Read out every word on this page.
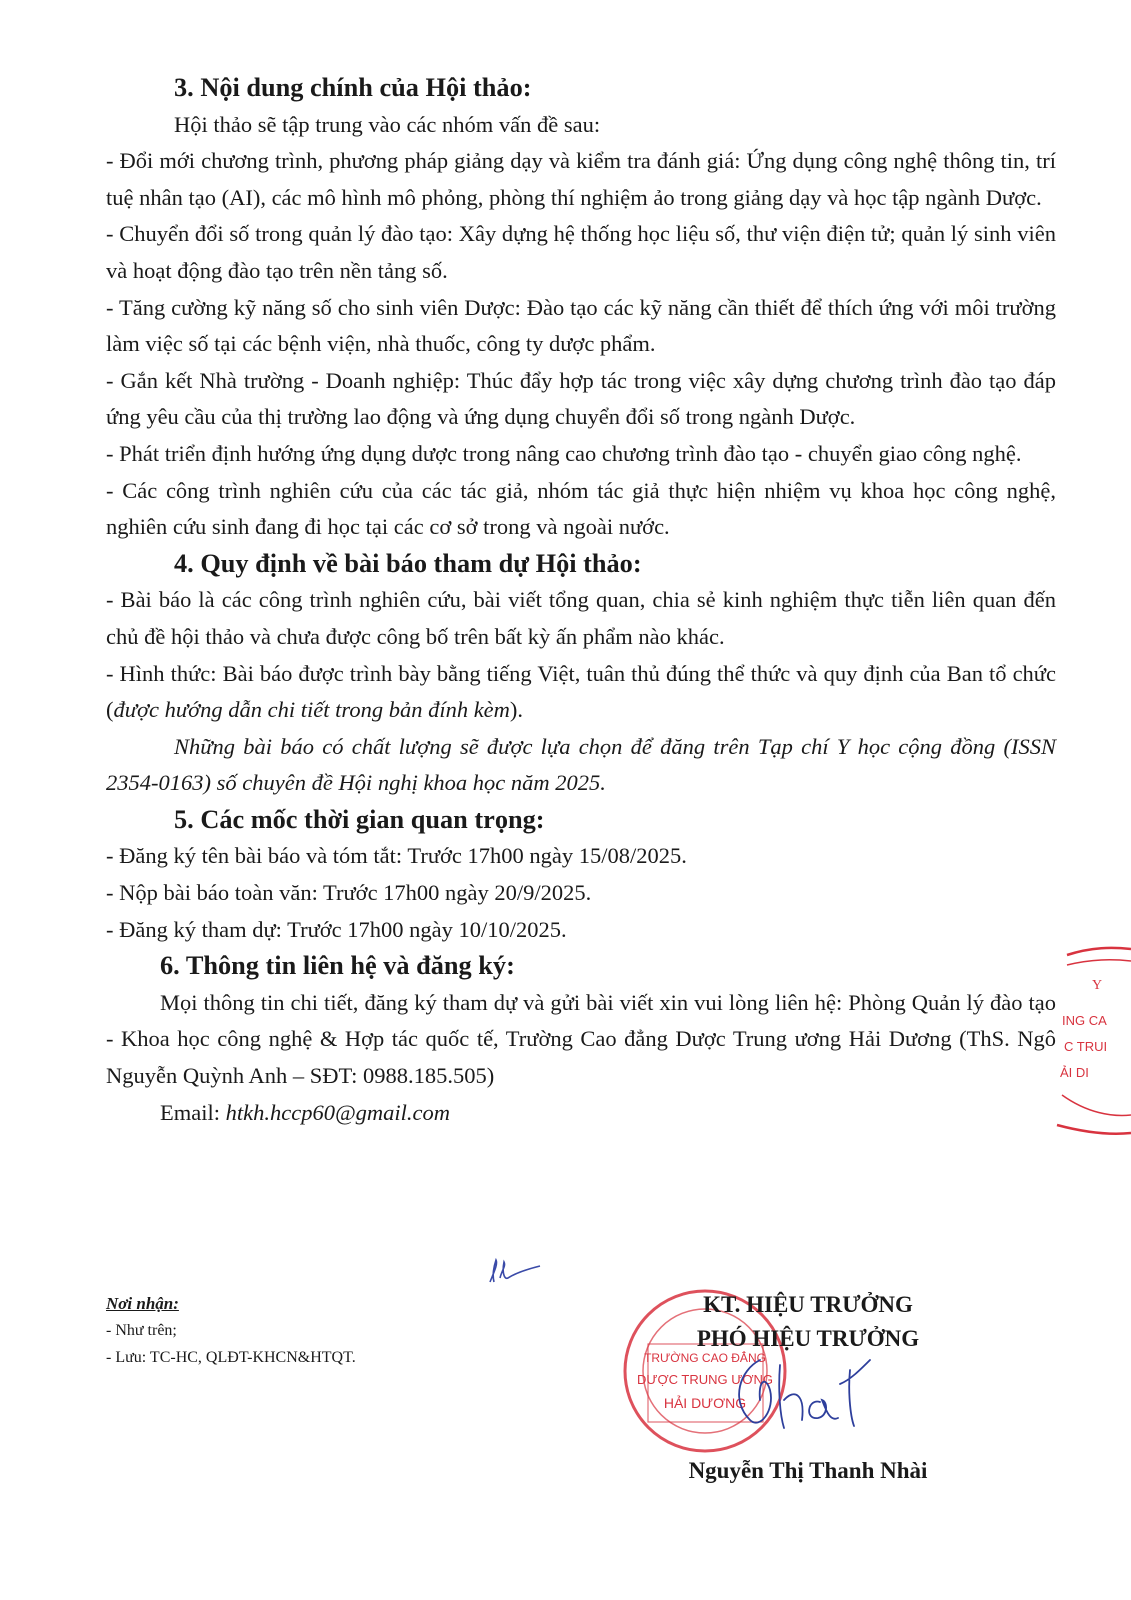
3. Nội dung chính của Hội thảo:

Hội thảo sẽ tập trung vào các nhóm vấn đề sau:

- Đổi mới chương trình, phương pháp giảng dạy và kiểm tra đánh giá: Ứng dụng công nghệ thông tin, trí tuệ nhân tạo (AI), các mô hình mô phỏng, phòng thí nghiệm ảo trong giảng dạy và học tập ngành Dược.

- Chuyển đổi số trong quản lý đào tạo: Xây dựng hệ thống học liệu số, thư viện điện tử; quản lý sinh viên và hoạt động đào tạo trên nền tảng số.

- Tăng cường kỹ năng số cho sinh viên Dược: Đào tạo các kỹ năng cần thiết để thích ứng với môi trường làm việc số tại các bệnh viện, nhà thuốc, công ty dược phẩm.

- Gắn kết Nhà trường - Doanh nghiệp: Thúc đẩy hợp tác trong việc xây dựng chương trình đào tạo đáp ứng yêu cầu của thị trường lao động và ứng dụng chuyển đổi số trong ngành Dược.

- Phát triển định hướng ứng dụng dược trong nâng cao chương trình đào tạo - chuyển giao công nghệ.

- Các công trình nghiên cứu của các tác giả, nhóm tác giả thực hiện nhiệm vụ khoa học công nghệ, nghiên cứu sinh đang đi học tại các cơ sở trong và ngoài nước.

4. Quy định về bài báo tham dự Hội thảo:

- Bài báo là các công trình nghiên cứu, bài viết tổng quan, chia sẻ kinh nghiệm thực tiễn liên quan đến chủ đề hội thảo và chưa được công bố trên bất kỳ ấn phẩm nào khác.

- Hình thức: Bài báo được trình bày bằng tiếng Việt, tuân thủ đúng thể thức và quy định của Ban tổ chức (được hướng dẫn chi tiết trong bản đính kèm).

Những bài báo có chất lượng sẽ được lựa chọn để đăng trên Tạp chí Y học cộng đồng (ISSN 2354-0163) số chuyên đề Hội nghị khoa học năm 2025.

5. Các mốc thời gian quan trọng:

- Đăng ký tên bài báo và tóm tắt: Trước 17h00 ngày 15/08/2025.

- Nộp bài báo toàn văn: Trước 17h00 ngày 20/9/2025.

- Đăng ký tham dự: Trước 17h00 ngày 10/10/2025.

6. Thông tin liên hệ và đăng ký:

Mọi thông tin chi tiết, đăng ký tham dự và gửi bài viết xin vui lòng liên hệ: Phòng Quản lý đào tạo - Khoa học công nghệ & Hợp tác quốc tế, Trường Cao đẳng Dược Trung ương Hải Dương (ThS. Ngô Nguyễn Quỳnh Anh – SĐT: 0988.185.505)

Email: htkh.hccp60@gmail.com

Nơi nhận:
- Như trên;
- Lưu: TC-HC, QLĐT-KHCN&HTQT.	TRƯỜNG CAO ĐẲNG
DƯỢC TRUNG ƯƠNG
HẢI DƯƠNG
Y
ING CA
C TRUI
ẢI DI
KT. HIỆU TRƯỞNG
PHÓ HIỆU TRƯỞNG
Nguyễn Thị Thanh Nhài
